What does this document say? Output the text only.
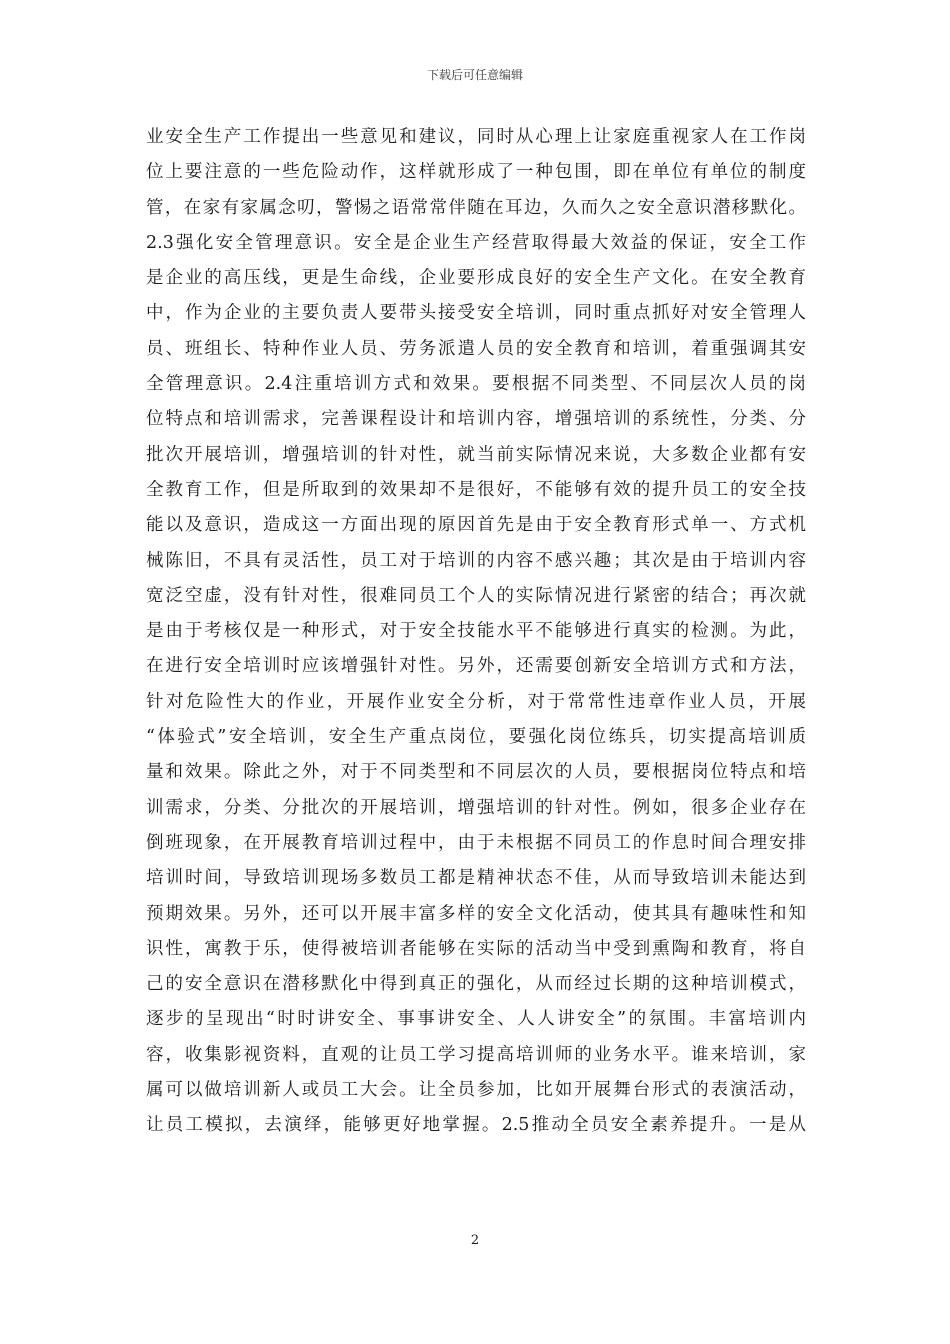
下载后可任意编辑
业安全生产工作提出一些意见和建议，同时从心理上让家庭重视家人在工作岗
位上要注意的一些危险动作，这样就形成了一种包围，即在单位有单位的制度
管，在家有家属念叨，警惕之语常常伴随在耳边，久而久之安全意识潜移默化。
2.3强化安全管理意识。安全是企业生产经营取得最大效益的保证，安全工作
是企业的高压线，更是生命线，企业要形成良好的安全生产文化。在安全教育
中，作为企业的主要负责人要带头接受安全培训，同时重点抓好对安全管理人
员、班组长、特种作业人员、劳务派遣人员的安全教育和培训，着重强调其安
全管理意识。2.4注重培训方式和效果。要根据不同类型、不同层次人员的岗
位特点和培训需求，完善课程设计和培训内容，增强培训的系统性，分类、分
批次开展培训，增强培训的针对性，就当前实际情况来说，大多数企业都有安
全教育工作，但是所取到的效果却不是很好，不能够有效的提升员工的安全技
能以及意识，造成这一方面出现的原因首先是由于安全教育形式单一、方式机
械陈旧，不具有灵活性，员工对于培训的内容不感兴趣；其次是由于培训内容
宽泛空虚，没有针对性，很难同员工个人的实际情况进行紧密的结合；再次就
是由于考核仅是一种形式，对于安全技能水平不能够进行真实的检测。为此，
在进行安全培训时应该增强针对性。另外，还需要创新安全培训方式和方法，
针对危险性大的作业，开展作业安全分析，对于常常性违章作业人员，开展
“体验式”安全培训，安全生产重点岗位，要强化岗位练兵，切实提高培训质
量和效果。除此之外，对于不同类型和不同层次的人员，要根据岗位特点和培
训需求，分类、分批次的开展培训，增强培训的针对性。例如，很多企业存在
倒班现象，在开展教育培训过程中，由于未根据不同员工的作息时间合理安排
培训时间，导致培训现场多数员工都是精神状态不佳，从而导致培训未能达到
预期效果。另外，还可以开展丰富多样的安全文化活动，使其具有趣味性和知
识性，寓教于乐，使得被培训者能够在实际的活动当中受到熏陶和教育，将自
己的安全意识在潜移默化中得到真正的强化，从而经过长期的这种培训模式，
逐步的呈现出“时时讲安全、事事讲安全、人人讲安全”的氛围。丰富培训内
容，收集影视资料，直观的让员工学习提高培训师的业务水平。谁来培训，家
属可以做培训新人或员工大会。让全员参加，比如开展舞台形式的表演活动，
让员工模拟，去演绎，能够更好地掌握。2.5推动全员安全素养提升。一是从
2
